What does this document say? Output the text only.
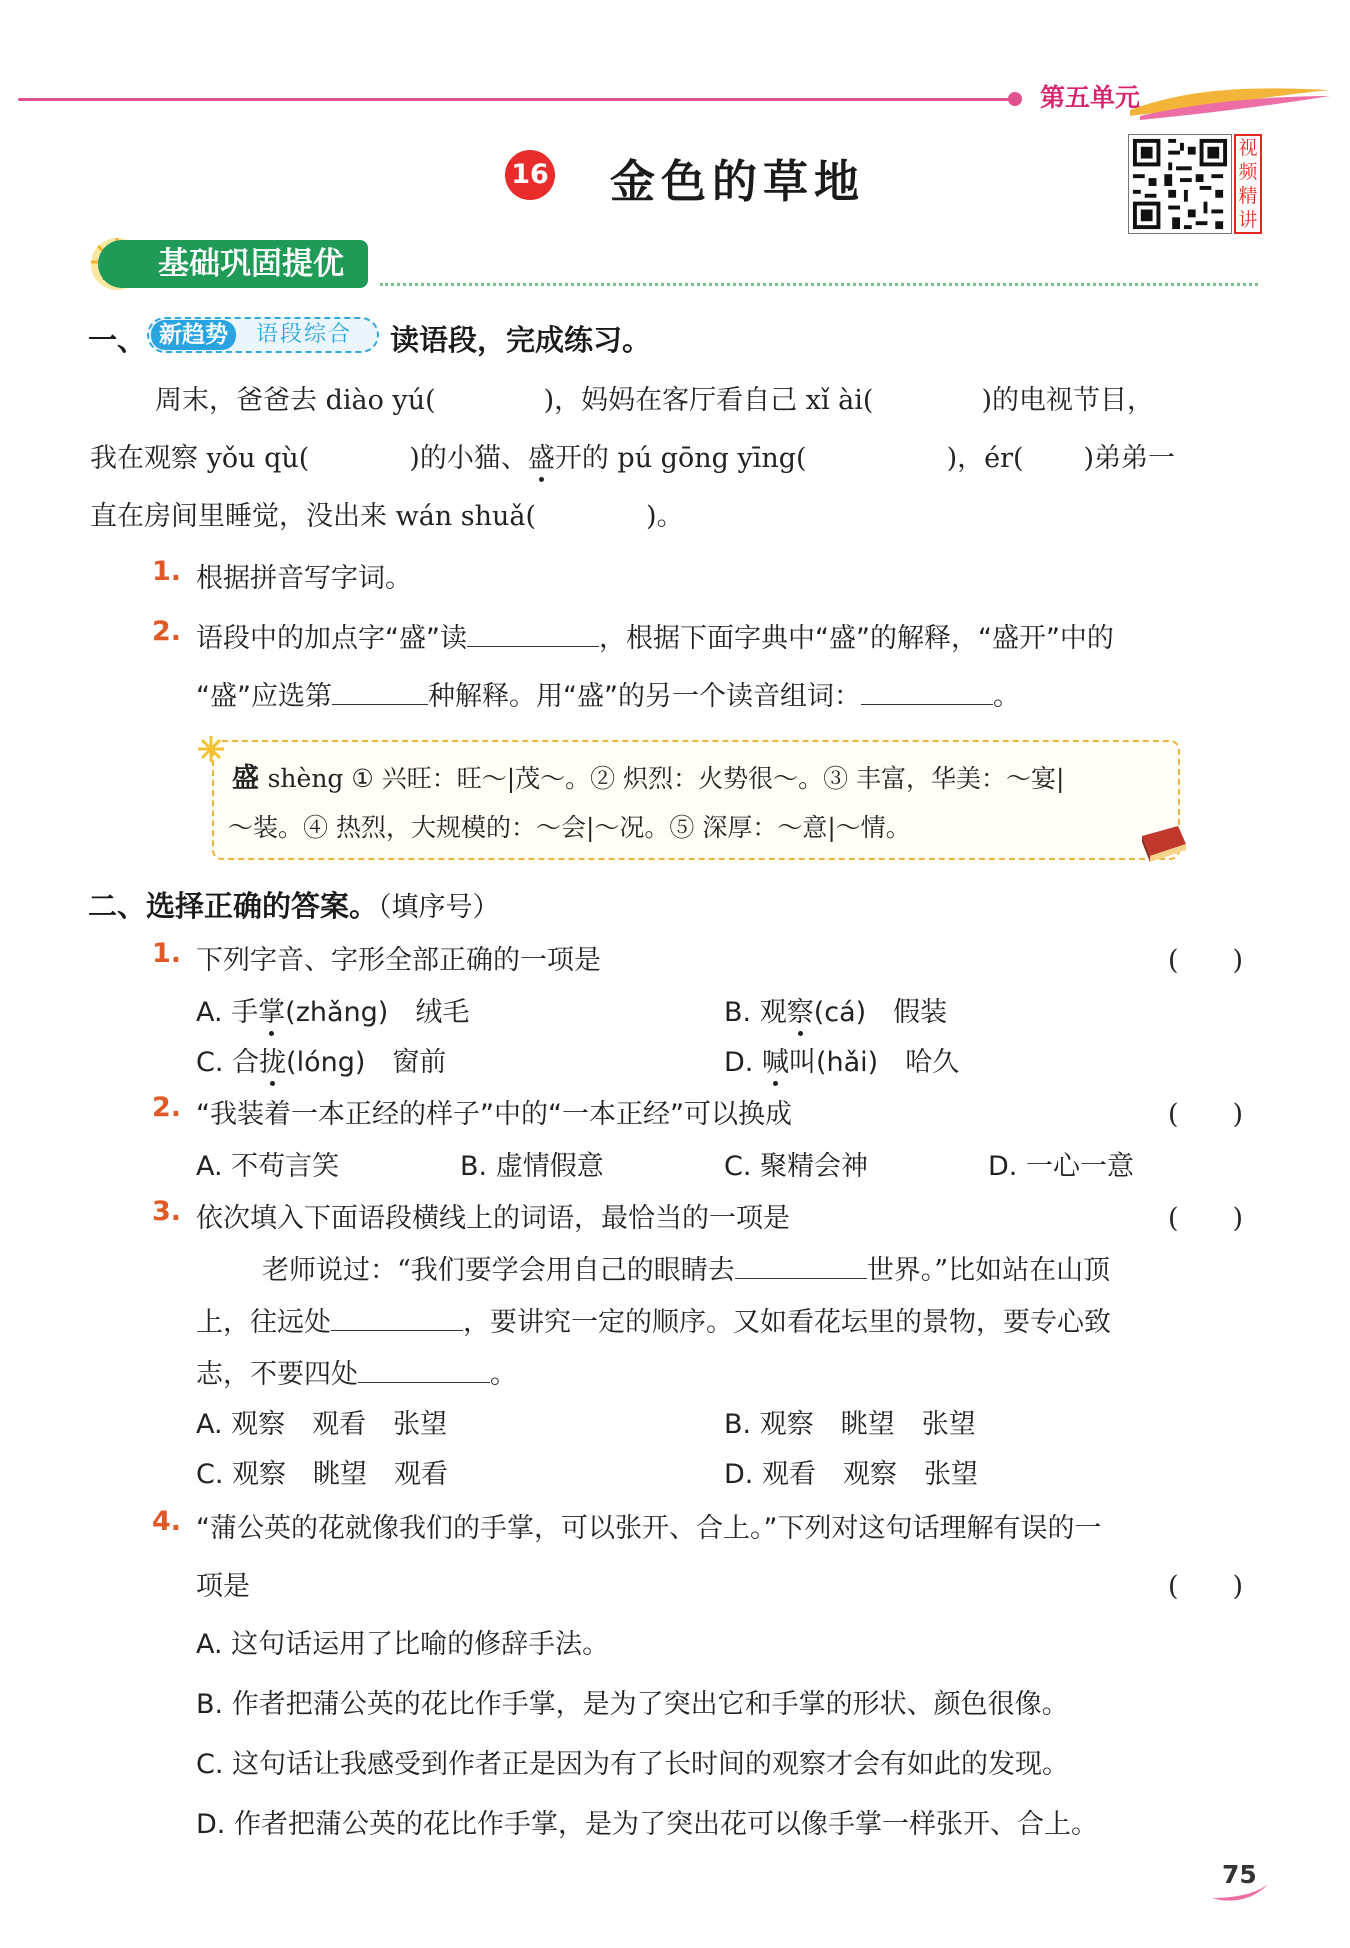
第五单元
16 金色的草地
视频精讲
基础巩固提优
一、 新趋势	语段综合 读语段，完成练习。
周末，爸爸去 diào yú(	)，妈妈在客厅看自己 xǐ ài(	)的电视节目，
我在观察 yǒu qù(	)的小猫、盛开的 pú gōng yīng(	)，ér( )弟弟一
直在房间里睡觉，没出来 wán shuǎ(	)。
1. 根据拼音写字词。
2. 语段中的加点字“盛”读	，根据下面字典中“盛”的解释，“盛开”中的
“盛”应选第	种解释。用“盛”的另一个读音组词：	。
盛 shèng ① 兴旺：旺～|茂～。② 炽烈：火势很～。③ 丰富，华美：～宴|
～装。④ 热烈，大规模的：～会|～况。⑤ 深厚：～意|～情。
二、选择正确的答案。（填序号）
1. 下列字音、字形全部正确的一项是	(　　)
A. 手掌(zhǎng)　绒毛	B. 观察(cá)　假装
C. 合拢(lóng)　窗前	D. 喊叫(hǎi)　哈久
2. “我装着一本正经的样子”中的“一本正经”可以换成	(　　)
A. 不苟言笑	B. 虚情假意	C. 聚精会神	D. 一心一意
3. 依次填入下面语段横线上的词语，最恰当的一项是	(　　)
老师说过：“我们要学会用自己的眼睛去	世界。”比如站在山顶
上，往远处	，要讲究一定的顺序。又如看花坛里的景物，要专心致
志，不要四处	。
A. 观察　观看　张望	B. 观察　眺望　张望
C. 观察　眺望　观看	D. 观看　观察　张望
4. “蒲公英的花就像我们的手掌，可以张开、合上。”下列对这句话理解有误的一
项是	(　　)
A. 这句话运用了比喻的修辞手法。
B. 作者把蒲公英的花比作手掌，是为了突出它和手掌的形状、颜色很像。
C. 这句话让我感受到作者正是因为有了长时间的观察才会有如此的发现。
D. 作者把蒲公英的花比作手掌，是为了突出花可以像手掌一样张开、合上。
75
